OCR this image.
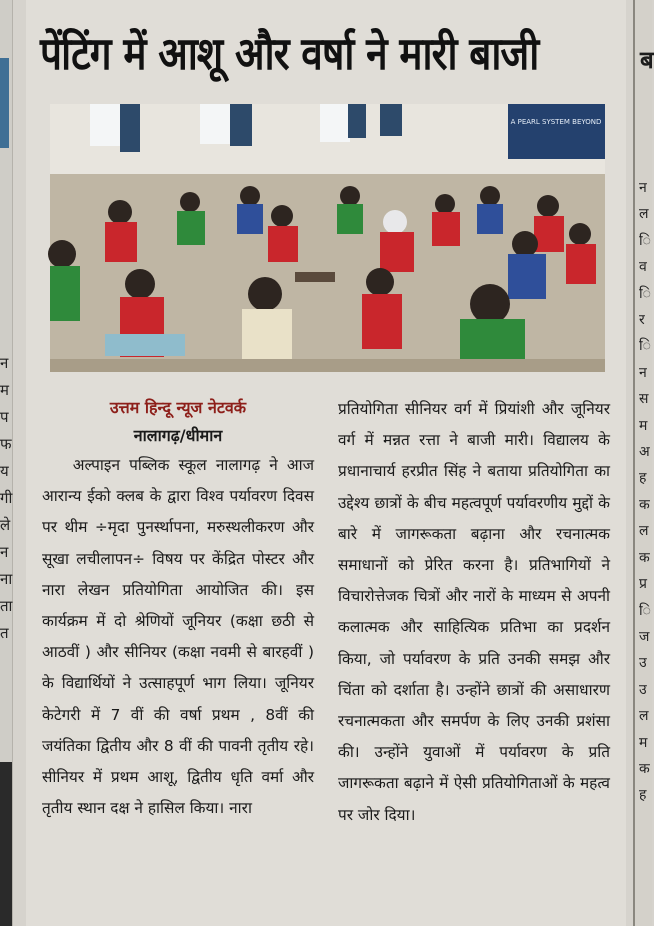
न
म
प
फ
य
गी
ले
न
ना
ता
त
पेंटिंग में आशू और वर्षा ने मारी बाजी
A PEARL SYSTEM BEYOND
उत्तम हिन्दू न्यूज नेटवर्क
नालागढ़/धीमान
अल्पाइन पब्लिक स्कूल नालागढ़ ने आज आरान्य ईको क्लब के द्वारा विश्व पर्यावरण दिवस पर थीम ÷मृदा पुनर्स्थापना, मरुस्थलीकरण और सूखा लचीलापन÷ विषय पर केंद्रित पोस्टर और नारा लेखन प्रतियोगिता आयोजित की। इस कार्यक्रम में दो श्रेणियों जूनियर (कक्षा छठी से आठवीं ) और सीनियर (कक्षा नवमी से बारहवीं ) के विद्यार्थियों ने उत्साहपूर्ण भाग लिया। जूनियर केटेगरी में 7 वीं की वर्षा प्रथम , 8वीं की जयंतिका द्वितीय और 8 वीं की पावनी तृतीय रहे। सीनियर में प्रथम आशू, द्वितीय धृति वर्मा और तृतीय स्थान दक्ष ने हासिल किया। नारा
प्रतियोगिता सीनियर वर्ग में प्रियांशी और जूनियर वर्ग में मन्नत रत्ता ने बाजी मारी। विद्यालय के प्रधानाचार्य हरप्रीत सिंह ने बताया प्रतियोगिता का उद्देश्य छात्रों के बीच महत्वपूर्ण पर्यावरणीय मुद्दों के बारे में जागरूकता बढ़ाना और रचनात्मक समाधानों को प्रेरित करना है। प्रतिभागियों ने विचारोत्तेजक चित्रों और नारों के माध्यम से अपनी कलात्मक और साहित्यिक प्रतिभा का प्रदर्शन किया, जो पर्यावरण के प्रति उनकी समझ और चिंता को दर्शाता है। उन्होंने छात्रों की असाधारण रचनात्मकता और समर्पण के लिए उनकी प्रशंसा की। उन्होंने युवाओं में पर्यावरण के प्रति जागरूकता बढ़ाने में ऐसी प्रतियोगिताओं के महत्व पर जोर दिया।
ब
न
ल
ि
व
ि
र
ि
न
स
म
अ
ह
क
ल
क
प्र
ि
ज
उ
उ
ल
म
क
ह
